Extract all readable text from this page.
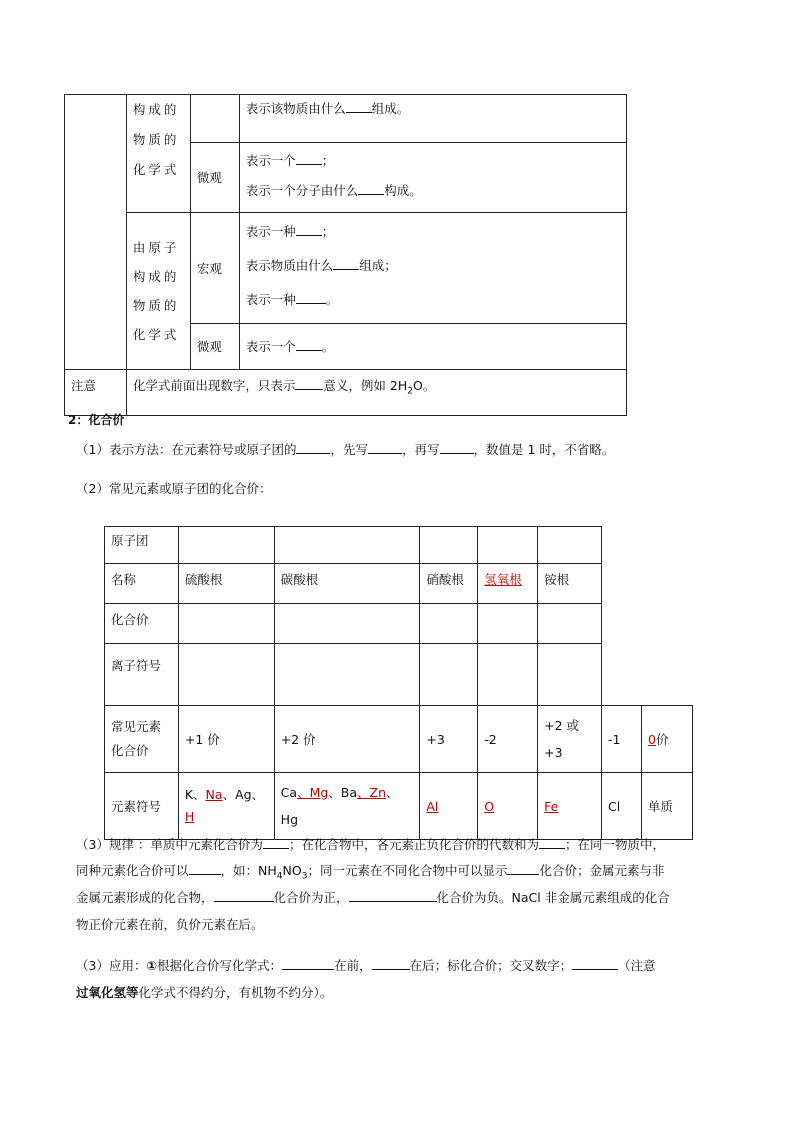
	构成的物质的化学式		表示该物质由什么 组成。

		微观	表示一个 ；
表示一个分子由什么 构成。

	由原子构成的物质的化学式	宏观	表示一种 ；
表示物质由什么 组成；
表示一种 。

		微观	表示一个 。

注意	化学式前面出现数字，只表示 意义，例如 $2H_2O$。		
2：化合价
（1）表示方法：在元素符号或原子团的	，先写	，再写	，数值是 1 时，不省略。
（2）常见元素或原子团的化合价：
原子团							

名称	硫酸根	碳酸根	硝酸根	氢氧根	铵根		

化合价							

离子符号							

常见元素化合价	+1 价	+2 价	+3	-2	+2 或+3	-1	0价

元素符号	K、Na、Ag、
H	Ca、Mg、Ba、Zn、Hg	Al	O	Fe	Cl	单质
（3）规律 ：单质中元素化合价为 ；在化合物中，各元素正负化合价的代数和为 ；在同一物质中，
同种元素化合价可以	，如：$NH_4NO_3$；同一元素在不同化合物中可以显示	化合价；金属元素与非
金属元素形成的化合物，	化合价为正，	化合价为负。NaCl 非金属元素组成的化合
物正价元素在前，负价元素在后。
（3）应用：①根据化合价写化学式：	在前，	在后；标化合价；交叉数字；	（注意
过氧化氢等化学式不得约分，有机物不约分）。
